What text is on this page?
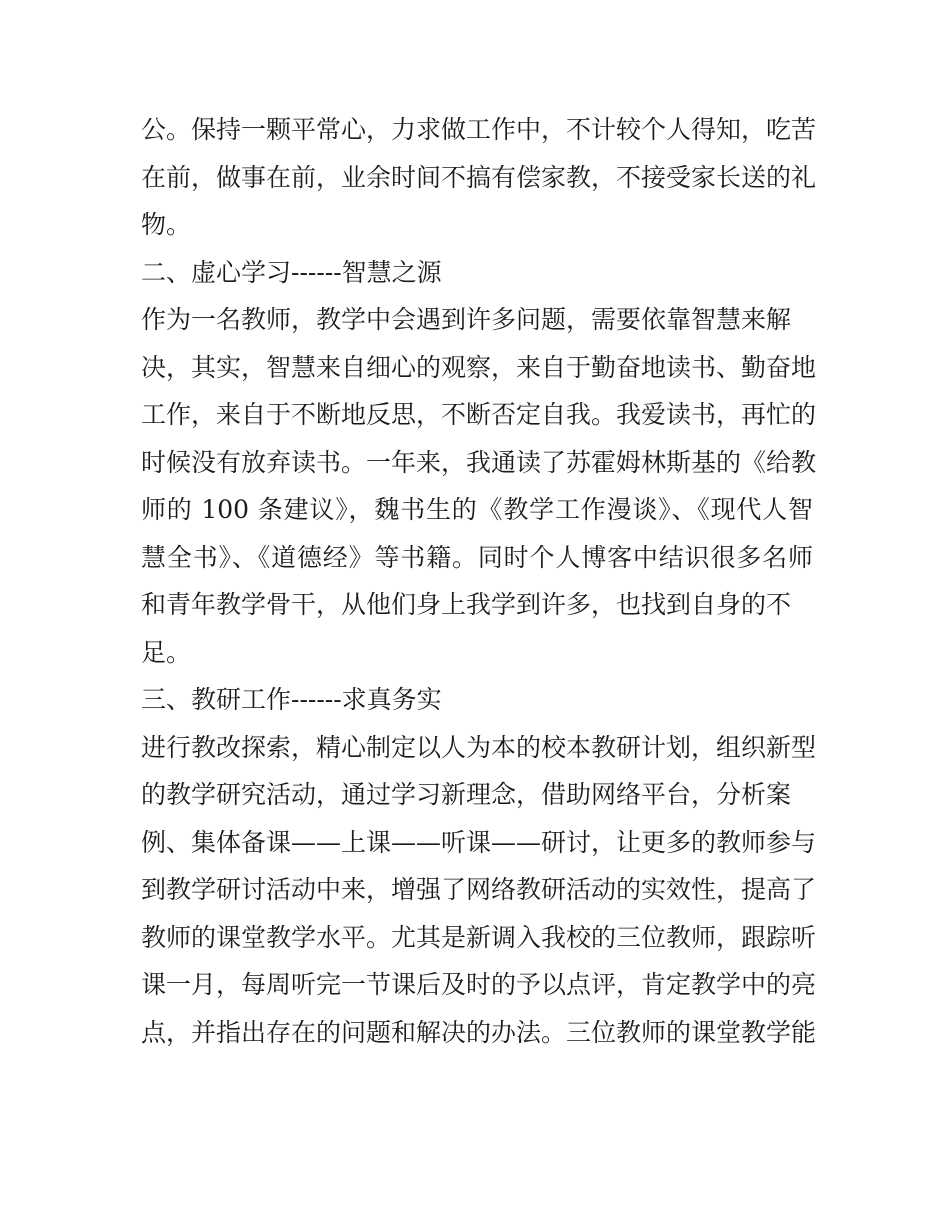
公。保持一颗平常心，力求做工作中，不计较个人得知，吃苦
在前，做事在前，业余时间不搞有偿家教，不接受家长送的礼
物。
二、虚心学习------智慧之源
作为一名教师，教学中会遇到许多问题，需要依靠智慧来解
决，其实，智慧来自细心的观察，来自于勤奋地读书、勤奋地
工作，来自于不断地反思，不断否定自我。我爱读书，再忙的
时候没有放弃读书。一年来，我通读了苏霍姆林斯基的《给教
师的 100 条建议》，魏书生的《教学工作漫谈》、《现代人智
慧全书》、《道德经》等书籍。同时个人博客中结识很多名师
和青年教学骨干，从他们身上我学到许多，也找到自身的不
足。
三、教研工作------求真务实
进行教改探索，精心制定以人为本的校本教研计划，组织新型
的教学研究活动，通过学习新理念，借助网络平台，分析案
例、集体备课——上课——听课——研讨，让更多的教师参与
到教学研讨活动中来，增强了网络教研活动的实效性，提高了
教师的课堂教学水平。尤其是新调入我校的三位教师，跟踪听
课一月，每周听完一节课后及时的予以点评，肯定教学中的亮
点，并指出存在的问题和解决的办法。三位教师的课堂教学能
